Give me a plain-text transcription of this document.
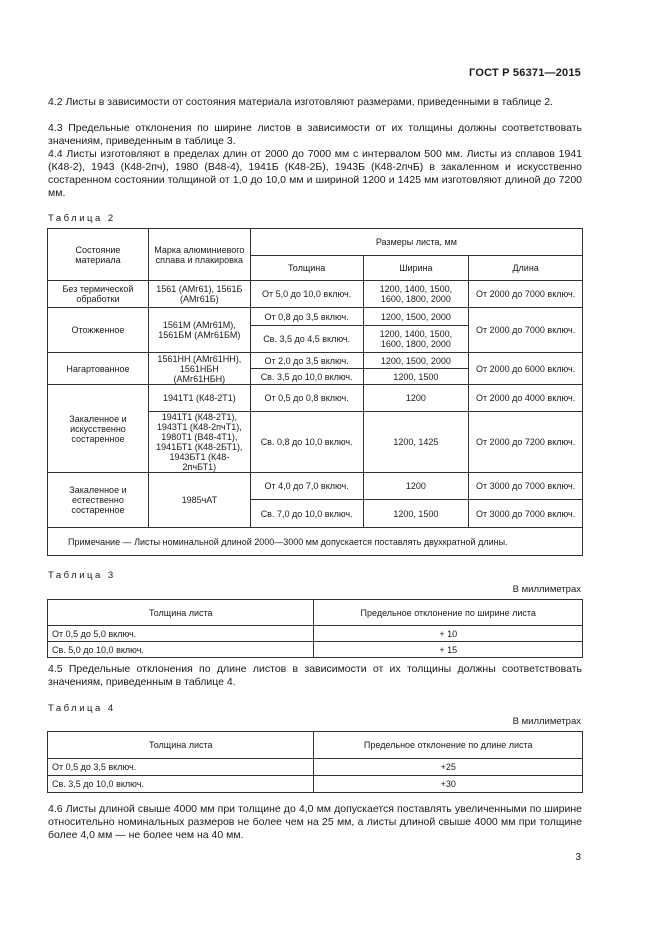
ГОСТ Р 56371—2015

4.2 Листы в зависимости от состояния материала изготовляют размерами, приведенными в таблице 2.

4.3 Предельные отклонения по ширине листов в зависимости от их толщины должны соответствовать значениям, приведенным в таблице 3.

4.4 Листы изготовляют в пределах длин от 2000 до 7000 мм с интервалом 500 мм. Листы из сплавов 1941 (К48-2), 1943 (К48-2пч), 1980 (В48-4), 1941Б (К48-2Б), 1943Б (К48-2пчБ) в закаленном и искусственно состаренном состоянии толщиной от 1,0 до 10,0 мм и шириной 1200 и 1425 мм изготовляют длиной до 7200 мм.

Таблица 2
Состояние материала	Марка алюминиевого сплава и плакировка	Размеры листа, мм		
		Толщина	Ширина	Длина
Без термической обработки	1561 (АМг61), 1561Б (АМг61Б)	От 5,0 до 10,0 включ.	1200, 1400, 1500, 1600, 1800, 2000	От 2000 до 7000 включ.
Отожженное	1561М (АМг61М), 1561БМ (АМг61БМ)	От 0,8 до 3,5 включ.	1200, 1500, 2000	От 2000 до 7000 включ.
		Св. 3,5 до 4,5 включ.	1200, 1400, 1500, 1600, 1800, 2000	
Нагартованное	1561НН (АМг61НН), 1561НБН (АМг61НБН)	От 2,0 до 3,5 включ.	1200, 1500, 2000	От 2000 до 6000 включ.
		Св. 3,5 до 10,0 включ.	1200, 1500	
Закаленное и искусственно состаренное	1941Т1 (К48-2Т1)	От 0,5 до 0,8 включ.	1200	От 2000 до 4000 включ.
	1941Т1 (К48-2Т1), 1943Т1 (К48-2пчТ1), 1980Т1 (В48-4Т1), 1941БТ1 (К48-2БТ1), 1943БТ1 (К48-2пчБТ1)	Св. 0,8 до 10,0 включ.	1200, 1425	От 2000 до 7200 включ.
Закаленное и естественно состаренное	1985чАТ	От 4,0 до 7,0 включ.	1200	От 3000 до 7000 включ.
		Св. 7,0 до 10,0 включ.	1200, 1500	От 3000 до 7000 включ.
Примечание — Листы номинальной длиной 2000—3000 мм допускается поставлять двухкратной длины.				
Таблица 3
В миллиметрах
Толщина листа	Предельное отклонение по ширине листа
От 0,5 до 5,0 включ.	+ 10
Св. 5,0 до 10,0 включ.	+ 15

4.5 Предельные отклонения по длине листов в зависимости от их толщины должны соответствовать значениям, приведенным в таблице 4.

Таблица 4
В миллиметрах
Толщина листа	Предельное отклонение по длине листа
От 0,5 до 3,5 включ.	+25
Св. 3,5 до 10,0 включ.	+30

4.6 Листы длиной свыше 4000 мм при толщине до 4,0 мм допускается поставлять увеличенными по ширине относительно номинальных размеров не более чем на 25 мм, а листы длиной свыше 4000 мм при толщине более 4,0 мм — не более чем на 40 мм.

3
